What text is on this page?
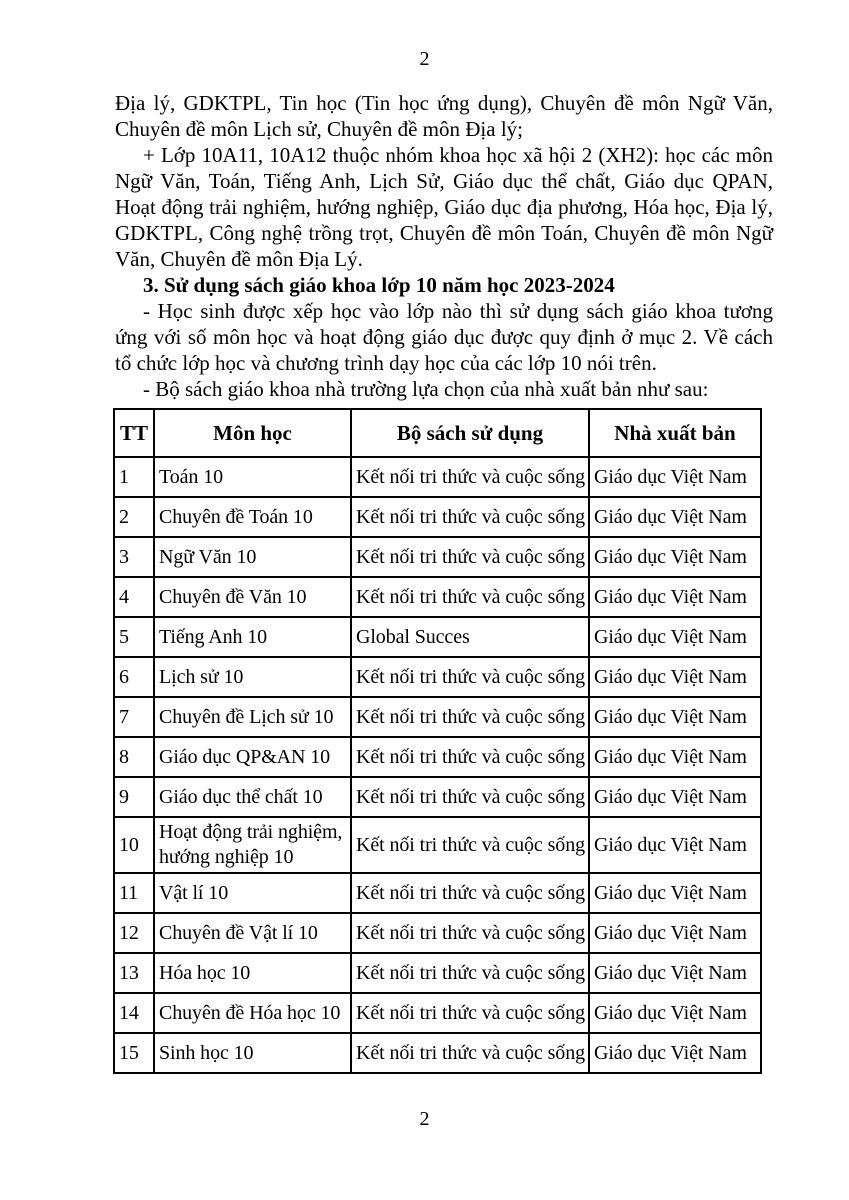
2

Địa lý, GDKTPL, Tin học (Tin học ứng dụng), Chuyên đề môn Ngữ Văn, Chuyên đề môn Lịch sử, Chuyên đề môn Địa lý;

+ Lớp 10A11, 10A12 thuộc nhóm khoa học xã hội 2 (XH2): học các môn Ngữ Văn, Toán, Tiếng Anh, Lịch Sử, Giáo dục thể chất, Giáo dục QPAN, Hoạt động trải nghiệm, hướng nghiệp, Giáo dục địa phương, Hóa học, Địa lý, GDKTPL, Công nghệ trồng trọt, Chuyên đề môn Toán, Chuyên đề môn Ngữ Văn, Chuyên đề môn Địa Lý.

3. Sử dụng sách giáo khoa lớp 10 năm học 2023-2024

- Học sinh được xếp học vào lớp nào thì sử dụng sách giáo khoa tương ứng với số môn học và hoạt động giáo dục được quy định ở mục 2. Về cách tổ chức lớp học và chương trình dạy học của các lớp 10 nói trên.

- Bộ sách giáo khoa nhà trường lựa chọn của nhà xuất bản như sau:

TT	Môn học	Bộ sách sử dụng	Nhà xuất bản
1	Toán 10	Kết nối tri thức và cuộc sống	Giáo dục Việt Nam
2	Chuyên đề Toán 10	Kết nối tri thức và cuộc sống	Giáo dục Việt Nam
3	Ngữ Văn 10	Kết nối tri thức và cuộc sống	Giáo dục Việt Nam
4	Chuyên đề Văn 10	Kết nối tri thức và cuộc sống	Giáo dục Việt Nam
5	Tiếng Anh 10	Global Succes	Giáo dục Việt Nam
6	Lịch sử 10	Kết nối tri thức và cuộc sống	Giáo dục Việt Nam
7	Chuyên đề Lịch sử 10	Kết nối tri thức và cuộc sống	Giáo dục Việt Nam
8	Giáo dục QP&AN 10	Kết nối tri thức và cuộc sống	Giáo dục Việt Nam
9	Giáo dục thể chất 10	Kết nối tri thức và cuộc sống	Giáo dục Việt Nam
10	Hoạt động trải nghiệm, hướng nghiệp 10	Kết nối tri thức và cuộc sống	Giáo dục Việt Nam
11	Vật lí 10	Kết nối tri thức và cuộc sống	Giáo dục Việt Nam
12	Chuyên đề Vật lí 10	Kết nối tri thức và cuộc sống	Giáo dục Việt Nam
13	Hóa học 10	Kết nối tri thức và cuộc sống	Giáo dục Việt Nam
14	Chuyên đề Hóa học 10	Kết nối tri thức và cuộc sống	Giáo dục Việt Nam
15	Sinh học 10	Kết nối tri thức và cuộc sống	Giáo dục Việt Nam
2
